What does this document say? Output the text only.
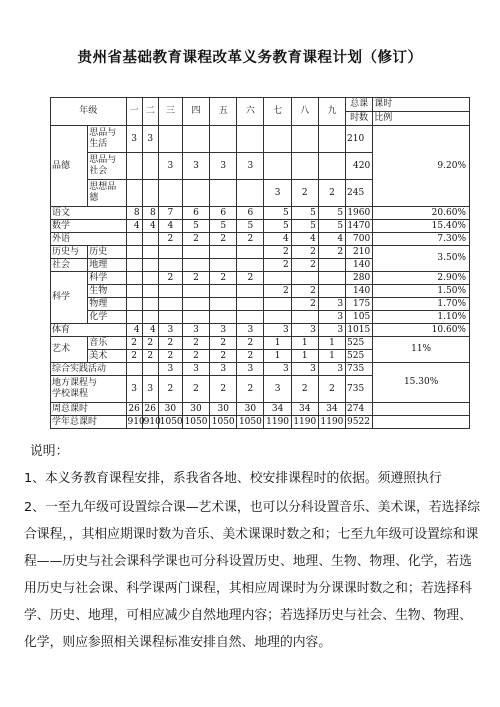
贵州省基础教育课程改革义务教育课程计划（修订）
年级		一	二	三	四	五	六	七	八	九	总课	课时
											时数	比例
品德	思品与生活	3	3								210	9.20%
	思品与社会			3	3	3	3				420	
	思想品德							3	2	2	245	
语文		8	8	7	6	6	6	5	5	5	1960	20.60%
数学		4	4	4	5	5	5	5	5	5	1470	15.40%
外语				2	2	2	2	4	4	4	700	7.30%
历史与	历史							2	2	2	210	3.50%
社会	地理							2	2		140	
科学	科学			2	2	2	2				280	2.90%
	生物							2	2		140	1.50%
	物理								2	3	175	1.70%
	化学									3	105	1.10%
体育		4	4	3	3	3	3	3	3	3	1015	10.60%
艺术	音乐	2	2	2	2	2	2	1	1	1	525	11%
	美术	2	2	2	2	2	2	1	1	1	525	
综合实践活动				3	3	3	3	3	3	3	735	15.30%
地方课程与
学校课程		3	3	2	2	2	2	3	2	2	735	
周总课时		26	26	30	30	30	30	34	34	34	274	
学年总课时		910	910	1050	1050	1050	1050	1190	1190	1190	9522	
说明：
1、本义务教育课程安排，系我省各地、校安排课程时的依据。须遵照执行
2、一至九年级可设置综合课—艺术课，也可以分科设置音乐、美术课，若选择综合课程，，其相应期课时数为音乐、美术课课时数之和；七至九年级可设置综和课程——历史与社会课科学课也可分科设置历史、地理、生物、物理、化学，若选用历史与社会课、科学课两门课程，其相应周课时为分课课时数之和；若选择科学、历史、地理，可相应减少自然地理内容；若选择历史与社会、生物、物理、化学，则应参照相关课程标准安排自然、地理的内容。
